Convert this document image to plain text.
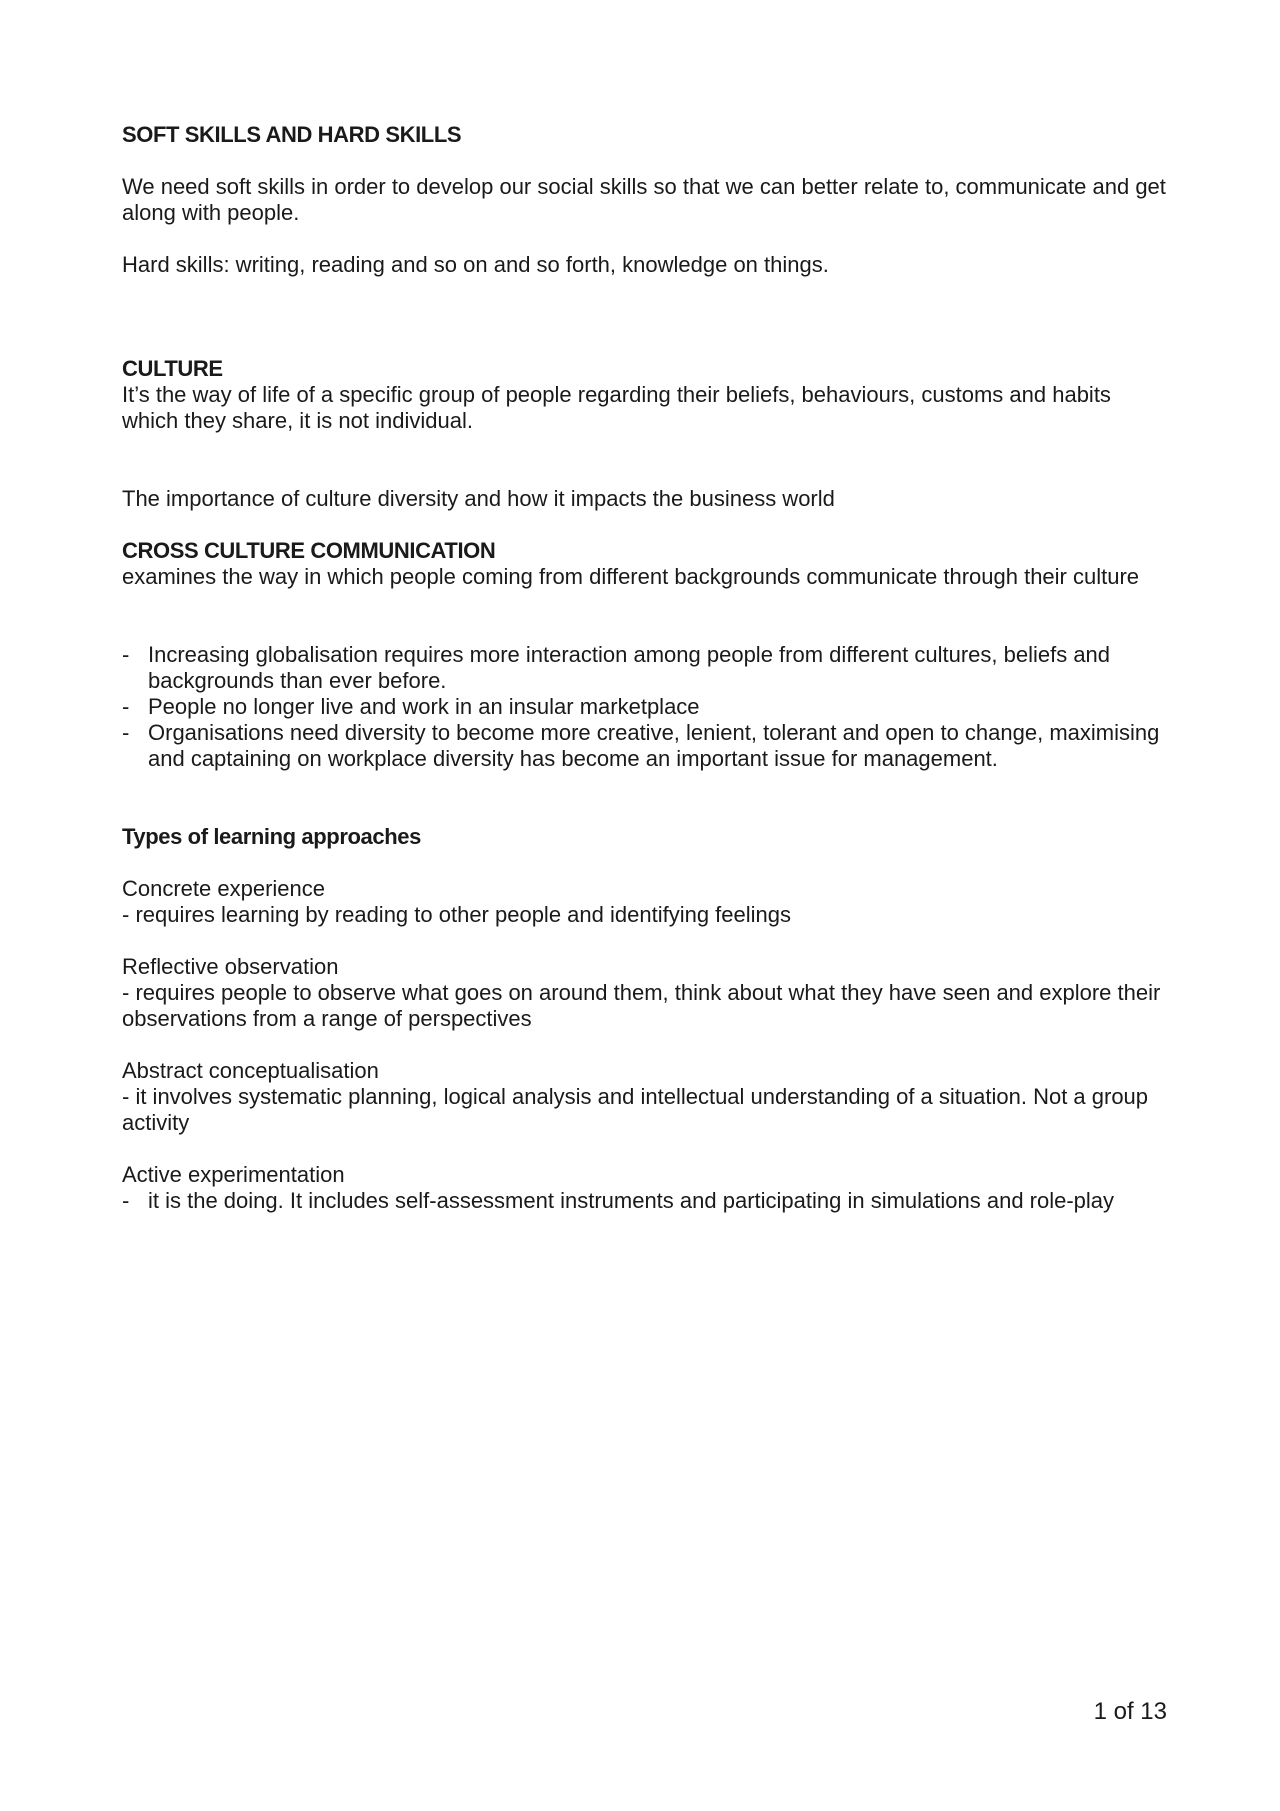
SOFT SKILLS AND HARD SKILLS

We need soft skills in order to develop our social skills so that we can better relate to, communicate and get along with people.

Hard skills: writing, reading and so on and so forth, knowledge on things.

CULTURE

It’s the way of life of a specific group of people regarding their beliefs, behaviours, customs and habits which they share, it is not individual.

The importance of culture diversity and how it impacts the business world

CROSS CULTURE COMMUNICATION

examines the way in which people coming from different backgrounds communicate through their culture

- Increasing globalisation requires more interaction among people from different cultures, beliefs and backgrounds than ever before.
- People no longer live and work in an insular marketplace
- Organisations need diversity to become more creative, lenient, tolerant and open to change, maximising and captaining on workplace diversity has become an important issue for management.
Types of learning approaches

Concrete experience

- requires learning by reading to other people and identifying feelings

Reflective observation

- requires people to observe what goes on around them, think about what they have seen and explore their observations from a range of perspectives

Abstract conceptualisation

- it involves systematic planning, logical analysis and intellectual understanding of a situation. Not a group activity

Active experimentation

- it is the doing. It includes self-assessment instruments and participating in simulations and role-play
1 of 13
